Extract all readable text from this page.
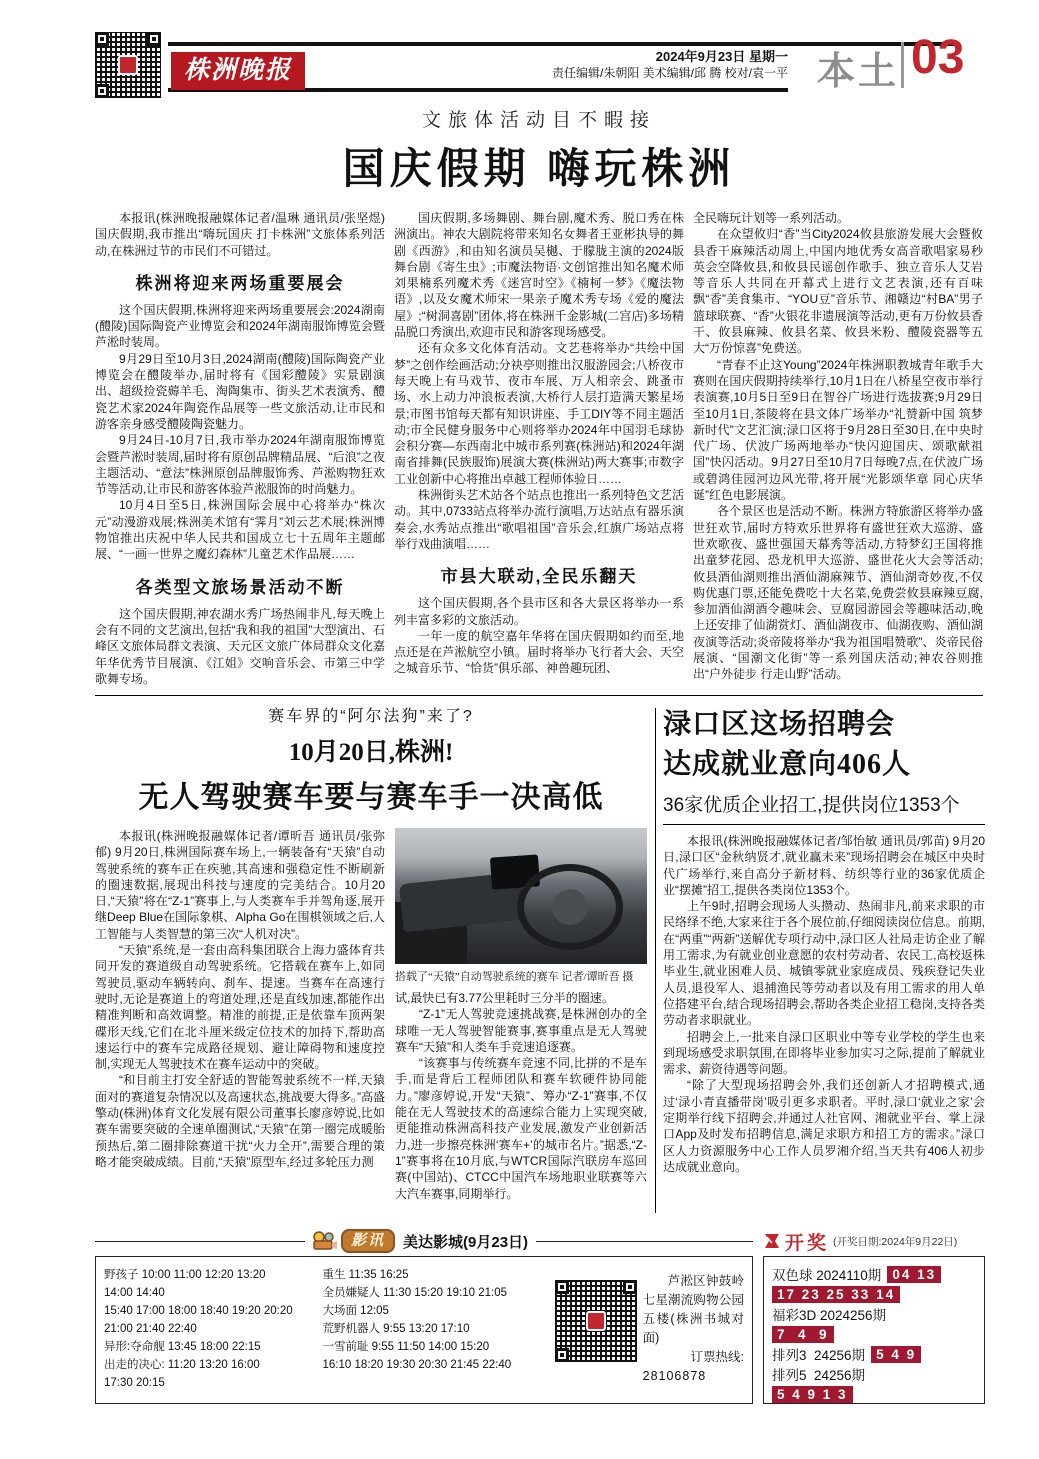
株洲晚报
2024年9月23日 星期一
责任编辑/朱朝阳 美术编辑/邱 腾 校对/袁一平 本土 03
文旅体活动目不暇接
国庆假期 嗨玩株洲

本报讯(株洲晚报融媒体记者/温琳 通讯员/张坚煜) 国庆假期,我市推出“嗨玩国庆 打卡株洲”文旅体系列活动,在株洲过节的市民们不可错过。

株洲将迎来两场重要展会

这个国庆假期,株洲将迎来两场重要展会:2024湖南(醴陵)国际陶瓷产业博览会和2024年湖南服饰博览会暨芦淞时装周。

9月29日至10月3日,2024湖南(醴陵)国际陶瓷产业博览会在醴陵举办,届时将有《国彩醴陵》实景剧演出、超级捡瓷薅羊毛、淘陶集市、街头艺术表演秀、醴瓷艺术家2024年陶瓷作品展等一些文旅活动,让市民和游客亲身感受醴陵陶瓷魅力。

9月24日-10月7日,我市举办2024年湖南服饰博览会暨芦淞时装周,届时将有原创品牌精品展、“后浪”之夜主题活动、“意法”株洲原创品牌服饰秀、芦淞购物狂欢节等活动,让市民和游客体验芦淞服饰的时尚魅力。

10月4日至5日,株洲国际会展中心将举办“株次元”动漫游戏展;株洲美术馆有“霁月”刘云艺术展;株洲博物馆推出庆祝中华人民共和国成立七十五周年主题邮展、“一画一世界之魔幻森林”儿童艺术作品展……

各类型文旅场景活动不断

这个国庆假期,神农湖水秀广场热闹非凡,每天晚上会有不同的文艺演出,包括“我和我的祖国”大型演出、石峰区文旅体局群文表演、天元区文旅广体局群众文化嘉年华优秀节目展演、《江姐》交响音乐会、市第三中学歌舞专场。

国庆假期,多场舞剧、舞台剧,魔术秀、脱口秀在株洲演出。神农大剧院将带来知名女舞者王亚彬执导的舞剧《西游》,和由知名演员吴樾、于朦胧主演的2024版舞台剧《寄生虫》;市魔法物语·文创馆推出知名魔术师刘果楠系列魔术秀《迷宫时空》《楠柯一梦》《魔法物语》,以及女魔术师宋一果亲子魔术秀专场《爱的魔法屋》;“树洞喜剧”团体,将在株洲千金影城(二宫店)多场精品脱口秀演出,欢迎市民和游客现场感受。

还有众多文化体育活动。文艺巷将举办“共绘中国梦”之创作绘画活动;分袂亭则推出汉服游园会;八桥夜市每天晚上有马戏节、夜市车展、万人相亲会、跳蚤市场、水上动力冲浪板表演,大桥行人层打造满天繁星场景;市图书馆每天都有知识讲座、手工DIY等不同主题活动;市全民健身服务中心则将举办2024年中国羽毛球协会积分赛—东西南北中城市系列赛(株洲站)和2024年湖南省排舞(民族服饰)展演大赛(株洲站)两大赛事;市数字工业创新中心将推出卓越工程师体验日……

株洲街头艺术站各个站点也推出一系列特色文艺活动。其中,0733站点将举办流行演唱,万达站点有器乐演奏会,水秀站点推出“歌唱祖国”音乐会,红旗广场站点将举行戏曲演唱……

市县大联动,全民乐翻天

这个国庆假期,各个县市区和各大景区将举办一系列丰富多彩的文旅活动。

一年一度的航空嘉年华将在国庆假期如约而至,地点还是在芦淞航空小镇。届时将举办飞行者大会、天空之城音乐节、“恰货”俱乐部、神兽趣玩团、

全民嗨玩计划等一系列活动。

在众望攸归“香”当City2024攸县旅游发展大会暨攸县香干麻辣活动周上,中国内地优秀女高音歌唱家易秒英会空降攸县,和攸县民谣创作歌手、独立音乐人艾岩等音乐人共同在开幕式上进行文艺表演,还有百味飘“香”美食集市、“YOU豆”音乐节、湘赣边“村BA”男子篮球联赛、“香”火银花非遗展演等活动,更有万份攸县香干、攸县麻辣、攸县名菜、攸县米粉、醴陵瓷器等五大“万份惊喜”免费送。

“青春不止这Young”2024年株洲职教城青年歌手大赛则在国庆假期持续举行,10月1日在八桥星空夜市举行表演赛,10月5日至9日在智谷广场进行选拔赛;9月29日至10月1日,茶陵将在县文体广场举办“礼赞新中国 筑梦新时代”文艺汇演;渌口区将于9月28日至30日,在中央时代广场、伏波广场两地举办“快闪迎国庆、颂歌献祖国”快闪活动。9月27日至10月7日每晚7点,在伏波广场或碧鸿佳园河边风光带,将开展“光影颂华章 同心庆华诞”红色电影展演。

各个景区也是活动不断。株洲方特旅游区将举办盛世狂欢节,届时方特欢乐世界将有盛世狂欢大巡游、盛世欢歌夜、盛世强国天幕秀等活动,方特梦幻王国将推出童梦花园、恐龙机甲大巡游、盛世花火大会等活动;攸县酒仙湖则推出酒仙湖麻辣节、酒仙湖奇妙夜,不仅购优惠门票,还能免费吃十大名菜,免费尝攸县麻辣豆腐,参加酒仙湖酒令趣味会、豆腐园游园会等趣味活动,晚上还安排了仙湖赏灯、酒仙湖夜市、仙湖夜购、酒仙湖夜演等活动;炎帝陵将举办“我为祖国唱赞歌”、炎帝民俗展演、“国潮文化街”等一系列国庆活动;神农谷则推出“户外徒步 行走山野”活动。

赛车界的“阿尔法狗”来了?
10月20日,株洲!
无人驾驶赛车要与赛车手一决高低

本报讯(株洲晚报融媒体记者/谭昕吾 通讯员/张弥郁) 9月20日,株洲国际赛车场上,一辆装备有“天猿”自动驾驶系统的赛车正在疾驰,其高速和强稳定性不断刷新的圈速数据,展现出科技与速度的完美结合。10月20日,“天猿”将在“Z-1”赛事上,与人类赛车手并驾角逐,展开继Deep Blue在国际象棋、Alpha Go在围棋领域之后,人工智能与人类智慧的第三次“人机对决”。

“天猿”系统,是一套由高科集团联合上海力盛体育共同开发的赛道级自动驾驶系统。它搭载在赛车上,如同驾驶员,驱动车辆转向、刹车、提速。当赛车在高速行驶时,无论是赛道上的弯道处理,还是直线加速,都能作出精准判断和高效调整。精准的前提,正是依靠车顶两架碟形天线,它们在北斗厘米级定位技术的加持下,帮助高速运行中的赛车完成路径规划、避让障碍物和速度控制,实现无人驾驶技术在赛车运动中的突破。

“和目前主打安全舒适的智能驾驶系统不一样,天猿面对的赛道复杂情况以及高速状态,挑战要大得多。”高盛擎动(株洲)体育文化发展有限公司董事长廖彦婷说,比如赛车需要突破的全速单圈测试,“天猿”在第一圈完成暖胎预热后,第二圈排除赛道干扰“火力全开”,需要合理的策略才能突破成绩。目前,“天猿”原型车,经过多轮压力测

搭载了“天猿”自动驾驶系统的赛车 记者/谭昕吾 摄

试,最快已有3.77公里耗时三分半的圈速。

“Z-1”无人驾驶竞速挑战赛,是株洲创办的全球唯一无人驾驶智能赛事,赛事重点是无人驾驶赛车“天猿”和人类车手竞速追逐赛。

“该赛事与传统赛车竞速不同,比拼的不是车手,而是背后工程师团队和赛车软硬件协同能力。”廖彦婷说,开发“天猿”、筹办“Z-1”赛事,不仅能在无人驾驶技术的高速综合能力上实现突破,更能推动株洲高科技产业发展,激发产业创新活力,进一步擦亮株洲‘赛车+’的城市名片。”据悉,“Z-1”赛事将在10月底,与WTCR国际汽联房车巡回赛(中国站)、CTCC中国汽车场地职业联赛等六大汽车赛事,同期举行。

渌口区这场招聘会
达成就业意向406人
36家优质企业招工,提供岗位1353个

本报讯(株洲晚报融媒体记者/邹怡敏 通讯员/郭苗) 9月20日,渌口区“金秋纳贤才,就业赢未来”现场招聘会在城区中央时代广场举行,来自高分子新材料、纺织等行业的36家优质企业“摆摊”招工,提供各类岗位1353个。

上午9时,招聘会现场人头攒动、热闹非凡,前来求职的市民络绎不绝,大家来往于各个展位前,仔细阅读岗位信息。前期,在“两重”“两新”送解优专项行动中,渌口区人社局走访企业了解用工需求,为有就业创业意愿的农村劳动者、农民工,高校返株毕业生,就业困难人员、城镇零就业家庭成员、残疾登记失业人员,退役军人、退捕渔民等劳动者以及有用工需求的用人单位搭建平台,结合现场招聘会,帮助各类企业招工稳岗,支持各类劳动者求职就业。

招聘会上,一批来自渌口区职业中等专业学校的学生也来到现场感受求职氛围,在即将毕业参加实习之际,提前了解就业需求、薪资待遇等问题。

“除了大型现场招聘会外,我们还创新人才招聘模式,通过‘渌小青直播带岗’吸引更多求职者。平时,渌口‘就业之家’会定期举行线下招聘会,并通过人社官网、湘就业平台、掌上渌口App及时发布招聘信息,满足求职方和招工方的需求。”渌口区人力资源服务中心工作人员罗湘介绍,当天共有406人初步达成就业意向。

影讯	美达影城(9月23日)
野孩子 10:00 11:00 12:20 13:20
14:00 14:40
15:40 17:00 18:00 18:40 19:20 20:20
21:00 21:40 22:40
异形:夺命舰 13:45 18:00 22:15
出走的决心: 11:20 13:20 16:00
17:30 20:15
重生 11:35 16:25
全员嫌疑人 11:30 15:20 19:10 21:05
大场面 12:05
荒野机器人 9:55 13:20 17:10
一雪前耻 9:55 11:50 14:00 15:20
16:10 18:20 19:30 20:30 21:45 22:40

芦淞区钟鼓岭七星潮流购物公园五楼(株洲书城对面)

订票热线:
28106878
开奖 (开奖日期:2024年9月22日)
双色球 2024110期 04 13
17 23 25 33 14
福彩3D 2024256期
7  4  9
排列3  24256期 5 4 9
排列5  24256期
5 4 9 1 3
